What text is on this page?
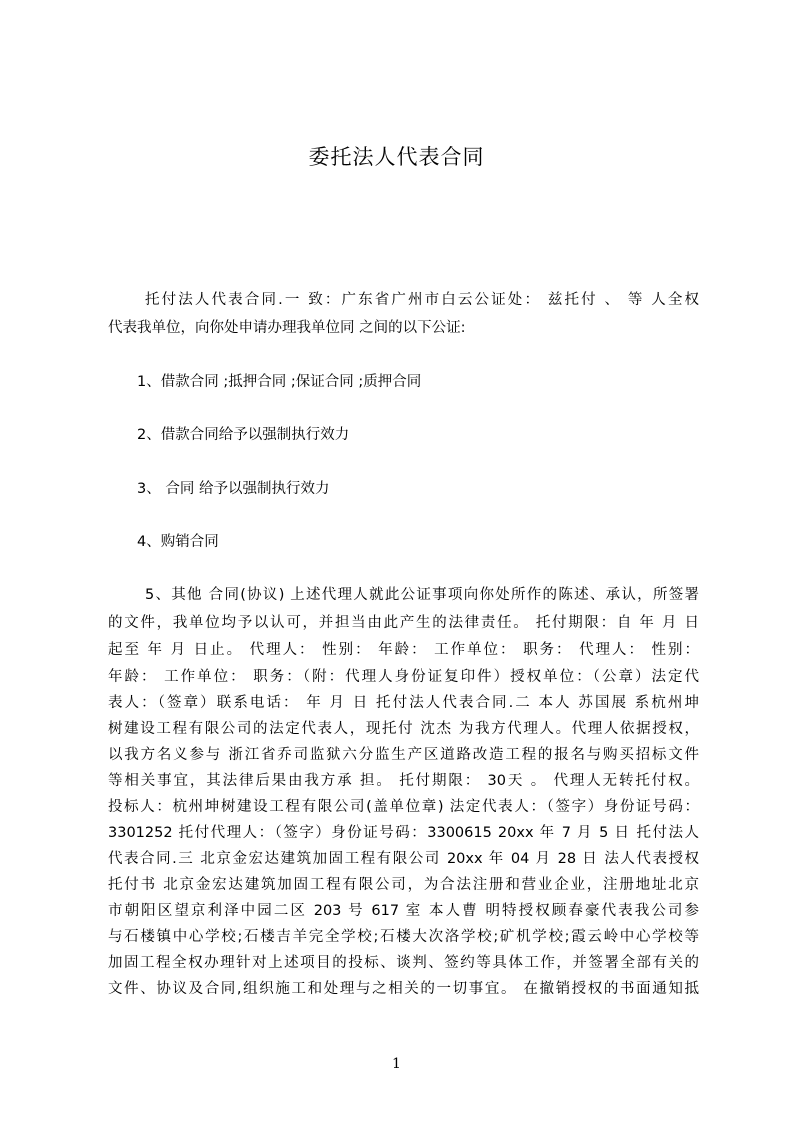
委托法人代表合同
托付法人代表合同.一 致：广东省广州市白云公证处： 兹托付 、 等 人全权
代表我单位，向你处申请办理我单位同 之间的以下公证:
1、借款合同 ;抵押合同 ;保证合同 ;质押合同
2、借款合同给予以强制执行效力
3、 合同 给予以强制执行效力
4、购销合同
5、其他 合同(协议) 上述代理人就此公证事项向你处所作的陈述、承认，所签署
的文件，我单位均予以认可，并担当由此产生的法律责任。 托付期限：自 年 月 日
起至 年 月 日止。 代理人： 性别： 年龄： 工作单位： 职务： 代理人： 性别：
年龄： 工作单位： 职务：（附：代理人身份证复印件）授权单位：（公章）法定代
表人：（签章）联系电话： 年 月 日 托付法人代表合同.二 本人 苏国展 系杭州坤
树建设工程有限公司的法定代表人，现托付 沈杰 为我方代理人。代理人依据授权，
以我方名义参与 浙江省乔司监狱六分监生产区道路改造工程的报名与购买招标文件
等相关事宜，其法律后果由我方承 担。 托付期限： 30天 。 代理人无转托付权。
投标人：杭州坤树建设工程有限公司(盖单位章) 法定代表人：（签字）身份证号码：
3301252 托付代理人：（签字）身份证号码：3300615 20xx 年 7 月 5 日 托付法人
代表合同.三 北京金宏达建筑加固工程有限公司 20xx 年 04 月 28 日 法人代表授权
托付书 北京金宏达建筑加固工程有限公司，为合法注册和营业企业，注册地址北京
市朝阳区望京利泽中园二区 203 号 617 室 本人曹 明特授权顾春豪代表我公司参
与石楼镇中心学校;石楼吉羊完全学校;石楼大次洛学校;矿机学校;霞云岭中心学校等
加固工程全权办理针对上述项目的投标、谈判、签约等具体工作，并签署全部有关的
文件、协议及合同,组织施工和处理与之相关的一切事宜。 在撤销授权的书面通知抵
1
